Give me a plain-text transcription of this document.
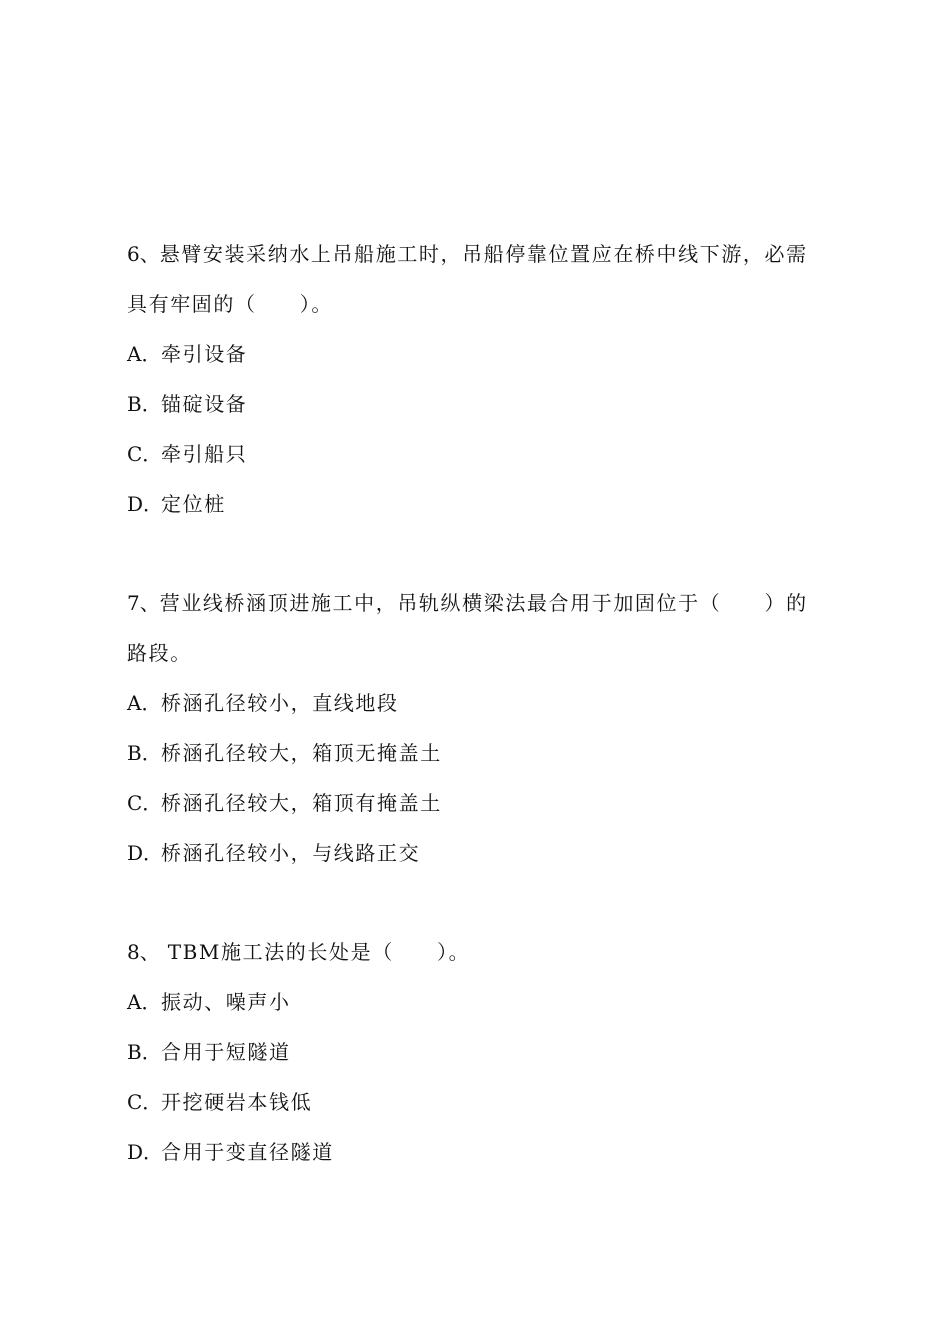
6、悬臂安装采纳水上吊船施工时，吊船停靠位置应在桥中线下游，必需
具有牢固的（　　）。
A．牵引设备
B．锚碇设备
C．牵引船只
D．定位桩
7、营业线桥涵顶进施工中，吊轨纵横梁法最合用于加固位于（　　）的
路段。
A．桥涵孔径较小，直线地段
B．桥涵孔径较大，箱顶无掩盖土
C．桥涵孔径较大，箱顶有掩盖土
D．桥涵孔径较小，与线路正交
8、 TBM施工法的长处是（　　）。
A．振动、噪声小
B．合用于短隧道
C．开挖硬岩本钱低
D．合用于变直径隧道
